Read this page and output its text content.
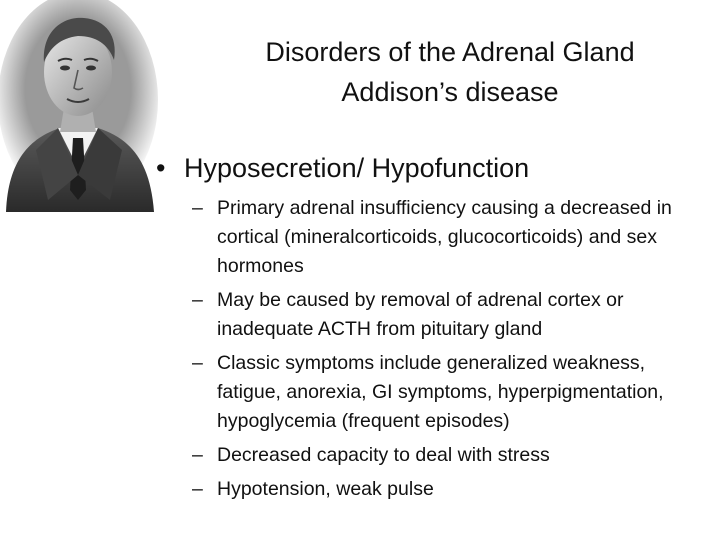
Disorders of the Adrenal Gland
Addison’s disease
• Hyposecretion/ Hypofunction
– Primary adrenal insufficiency causing a decreased in cortical (mineralcorticoids, glucocorticoids) and sex hormones
– May be caused by removal of adrenal cortex or inadequate ACTH from pituitary gland
– Classic symptoms include generalized weakness, fatigue, anorexia, GI symptoms, hyperpigmentation, hypoglycemia (frequent episodes)
– Decreased capacity to deal with stress
– Hypotension, weak pulse
